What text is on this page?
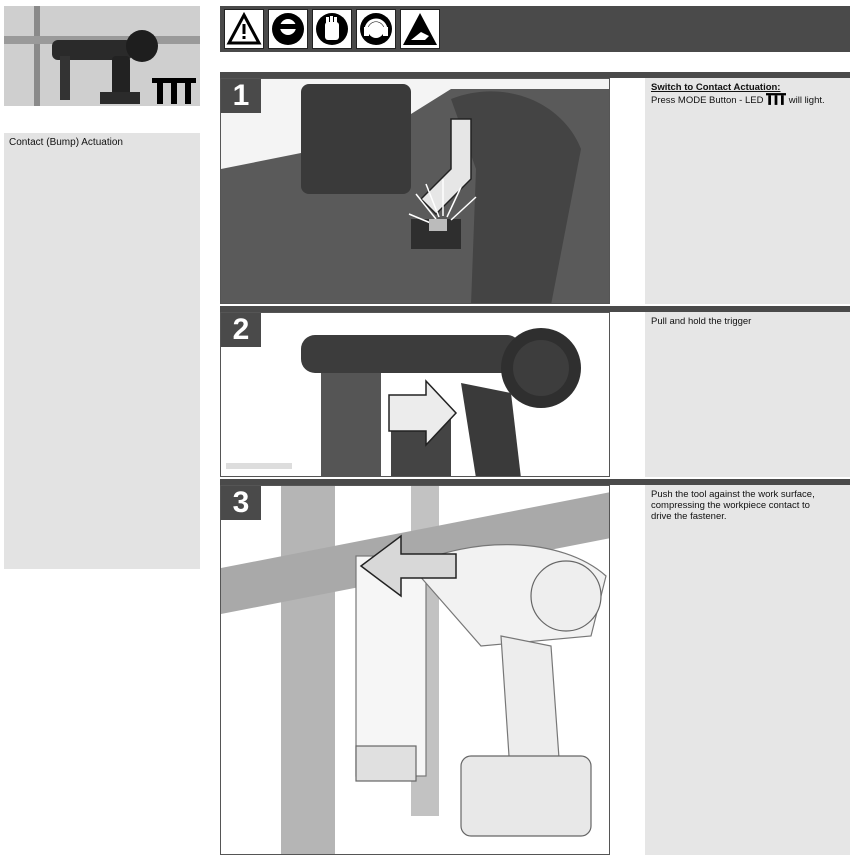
Contact (Bump) Actuation
1
2
3
Switch to Contact Actuation:
Press MODE Button - LED	will light.
Pull and hold the trigger
Push the tool against the work surface, compressing the workpiece contact to drive the fastener.
